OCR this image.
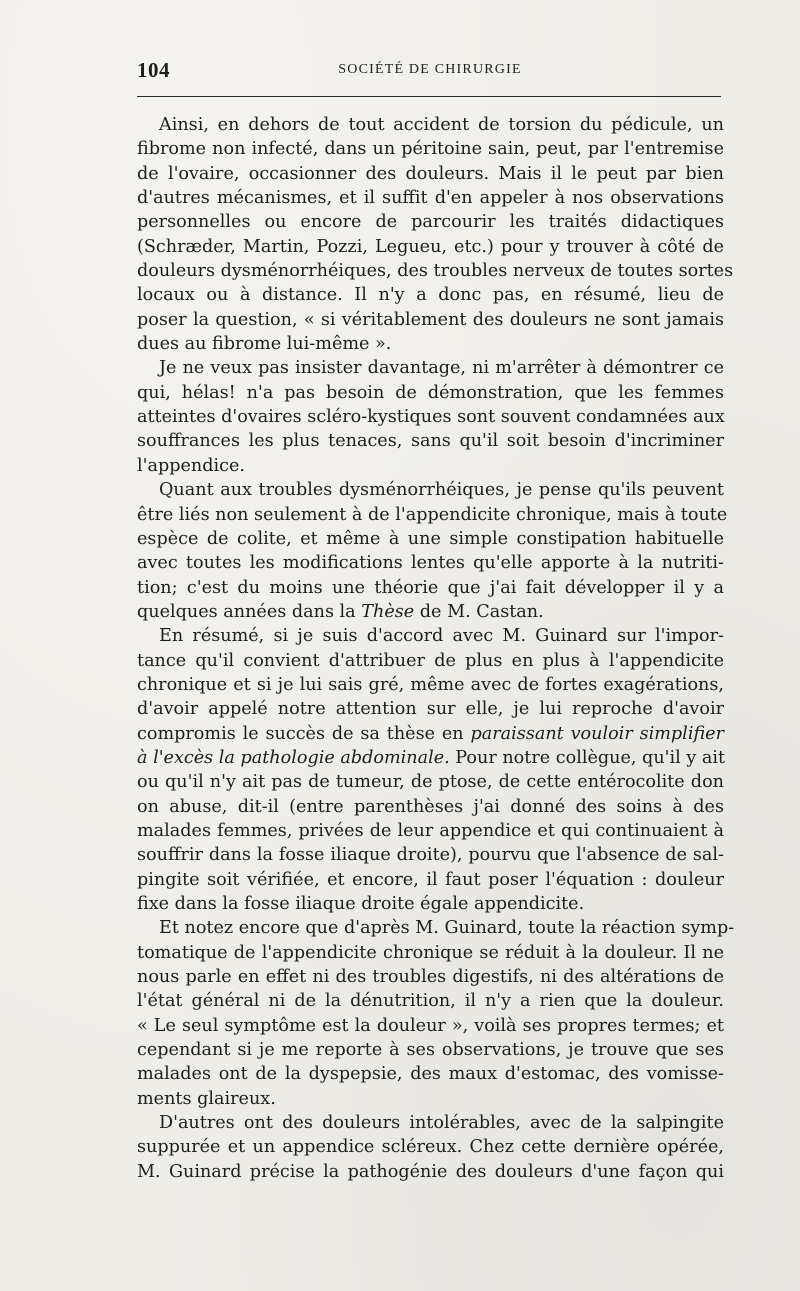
104	SOCIÉTÉ DE CHIRURGIE
Ainsi, en dehors de tout accident de torsion du pédicule, un
fibrome non infecté, dans un péritoine sain, peut, par l'entremise
de l'ovaire, occasionner des douleurs. Mais il le peut par bien
d'autres mécanismes, et il suffit d'en appeler à nos observations
personnelles ou encore de parcourir les traités didactiques
(Schræder, Martin, Pozzi, Legueu, etc.) pour y trouver à côté de
douleurs dysménorrhéiques, des troubles nerveux de toutes sortes
locaux ou à distance. Il n'y a donc pas, en résumé, lieu de
poser la question, « si véritablement des douleurs ne sont jamais
dues au fibrome lui-même ».
Je ne veux pas insister davantage, ni m'arrêter à démontrer ce
qui, hélas! n'a pas besoin de démonstration, que les femmes
atteintes d'ovaires scléro-kystiques sont souvent condamnées aux
souffrances les plus tenaces, sans qu'il soit besoin d'incriminer
l'appendice.
Quant aux troubles dysménorrhéiques, je pense qu'ils peuvent
être liés non seulement à de l'appendicite chronique, mais à toute
espèce de colite, et même à une simple constipation habituelle
avec toutes les modifications lentes qu'elle apporte à la nutriti-
tion; c'est du moins une théorie que j'ai fait développer il y a
quelques années dans la Thèse de M. Castan.
En résumé, si je suis d'accord avec M. Guinard sur l'impor-
tance qu'il convient d'attribuer de plus en plus à l'appendicite
chronique et si je lui sais gré, même avec de fortes exagérations,
d'avoir appelé notre attention sur elle, je lui reproche d'avoir
compromis le succès de sa thèse en paraissant vouloir simplifier
à l'excès la pathologie abdominale. Pour notre collègue, qu'il y ait
ou qu'il n'y ait pas de tumeur, de ptose, de cette entérocolite don
on abuse, dit-il (entre parenthèses j'ai donné des soins à des
malades femmes, privées de leur appendice et qui continuaient à
souffrir dans la fosse iliaque droite), pourvu que l'absence de sal-
pingite soit vérifiée, et encore, il faut poser l'équation : douleur
fixe dans la fosse iliaque droite égale appendicite.
Et notez encore que d'après M. Guinard, toute la réaction symp-
tomatique de l'appendicite chronique se réduit à la douleur. Il ne
nous parle en effet ni des troubles digestifs, ni des altérations de
l'état général ni de la dénutrition, il n'y a rien que la douleur.
« Le seul symptôme est la douleur », voilà ses propres termes; et
cependant si je me reporte à ses observations, je trouve que ses
malades ont de la dyspepsie, des maux d'estomac, des vomisse-
ments glaireux.
D'autres ont des douleurs intolérables, avec de la salpingite
suppurée et un appendice scléreux. Chez cette dernière opérée,
M. Guinard précise la pathogénie des douleurs d'une façon qui
